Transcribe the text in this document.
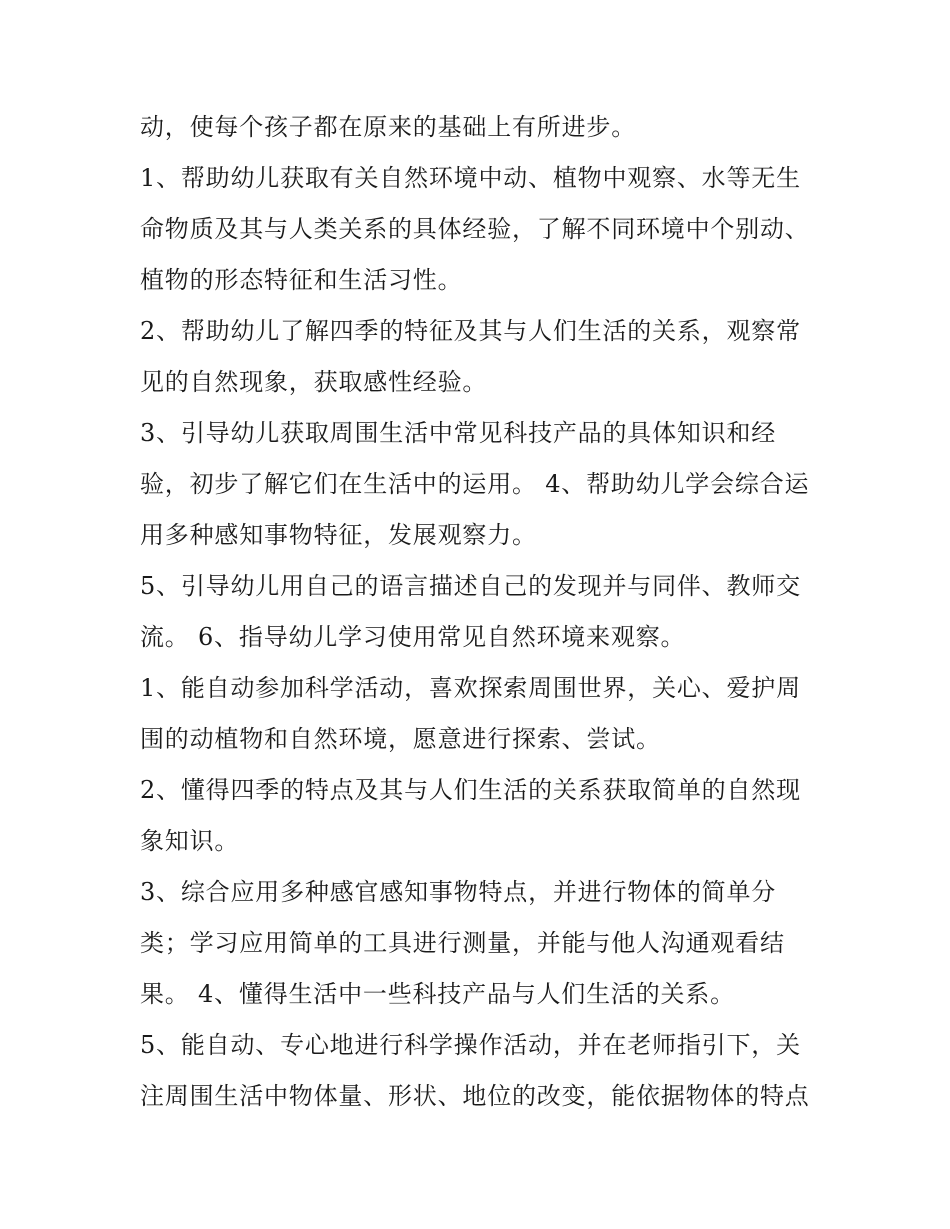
动，使每个孩子都在原来的基础上有所进步。
1、帮助幼儿获取有关自然环境中动、植物中观察、水等无生
命物质及其与人类关系的具体经验，了解不同环境中个别动、
植物的形态特征和生活习性。
2、帮助幼儿了解四季的特征及其与人们生活的关系，观察常
见的自然现象，获取感性经验。
3、引导幼儿获取周围生活中常见科技产品的具体知识和经
验，初步了解它们在生活中的运用。 4、帮助幼儿学会综合运
用多种感知事物特征，发展观察力。
5、引导幼儿用自己的语言描述自己的发现并与同伴、教师交
流。 6、指导幼儿学习使用常见自然环境来观察。
1、能自动参加科学活动，喜欢探索周围世界，关心、爱护周
围的动植物和自然环境，愿意进行探索、尝试。
2、懂得四季的特点及其与人们生活的关系获取简单的自然现
象知识。
3、综合应用多种感官感知事物特点，并进行物体的简单分
类；学习应用简单的工具进行测量，并能与他人沟通观看结
果。 4、懂得生活中一些科技产品与人们生活的关系。
5、能自动、专心地进行科学操作活动，并在老师指引下，关
注周围生活中物体量、形状、地位的改变，能依据物体的特点
